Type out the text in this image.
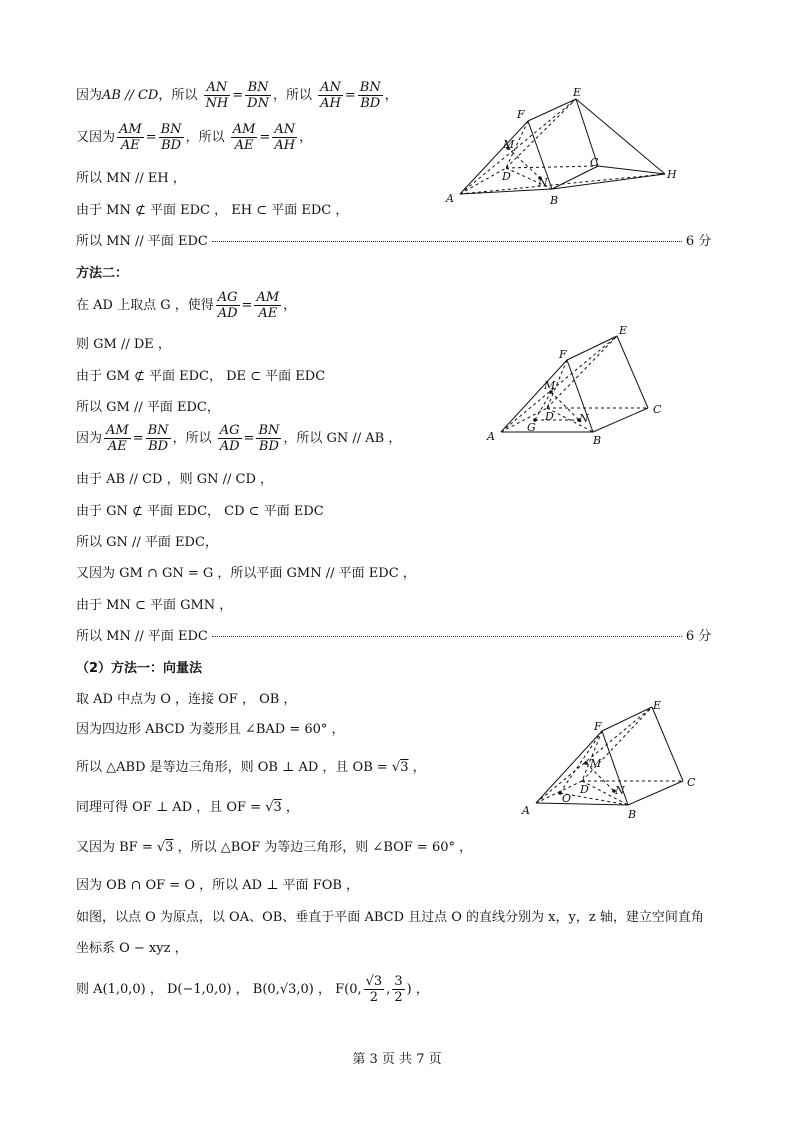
因为AB // CD，所以 $\frac{AN}{NH} = \frac{BN}{DN}$ ，所以 $\frac{AN}{AH} = \frac{BN}{BD}$ ，
又因为 $\frac{AM}{AE} = \frac{BN}{BD}$ ，所以 $\frac{AM}{AE} = \frac{AN}{AH}$ ，
所以 MN // EH ，
由于 MN ⊄ 平面 EDC ， EH ⊂ 平面 EDC ，
所以 MN // 平面 EDC	6 分
E
F
M
C
D N
H
A	B
方法二：
在 AD 上取点 G ，使得 $\frac{AG}{AD} = \frac{AM}{AE}$ ，
则 GM // DE ，
由于 GM ⊄ 平面 EDC， DE ⊂ 平面 EDC
所以 GM // 平面 EDC，
因为 $\frac{AM}{AE} = \frac{BN}{BD}$ ，所以 $\frac{AG}{AD} = \frac{BN}{BD}$ ，所以 GN // AB ，
由于 AB // CD ，则 GN // CD ，
由于 GN ⊄ 平面 EDC， CD ⊂ 平面 EDC
所以 GN // 平面 EDC，
又因为 GM ∩ GN = G ，所以平面 GMN // 平面 EDC ，
由于 MN ⊂ 平面 GMN ，
所以 MN // 平面 EDC	6 分
E
F
M
D N
G
C
A	B
（2）方法一：向量法
取 AD 中点为 O ，连接 OF ， OB ，
因为四边形 ABCD 为菱形且 ∠BAD = 60° ，
所以 △ABD 是等边三角形，则 OB ⊥ AD ，且 OB = √3 ，
同理可得 OF ⊥ AD ，且 OF = √3 ，
E
F
M
D N
O
C
A	B
又因为 BF = √3 ，所以 △BOF 为等边三角形，则 ∠BOF = 60° ，
因为 OB ∩ OF = O ，所以 AD ⊥ 平面 FOB ，
如图，以点 O 为原点，以 OA、OB、垂直于平面 ABCD 且过点 O 的直线分别为 x，y，z 轴，建立空间直角
坐标系 O − xyz ，
则 A(1,0,0) ， D(−1,0,0) ， B(0,√3,0) ， F(0, $\frac{√3}{2}$ , $\frac{3}{2}$ ) ，
第 3 页 共 7 页
